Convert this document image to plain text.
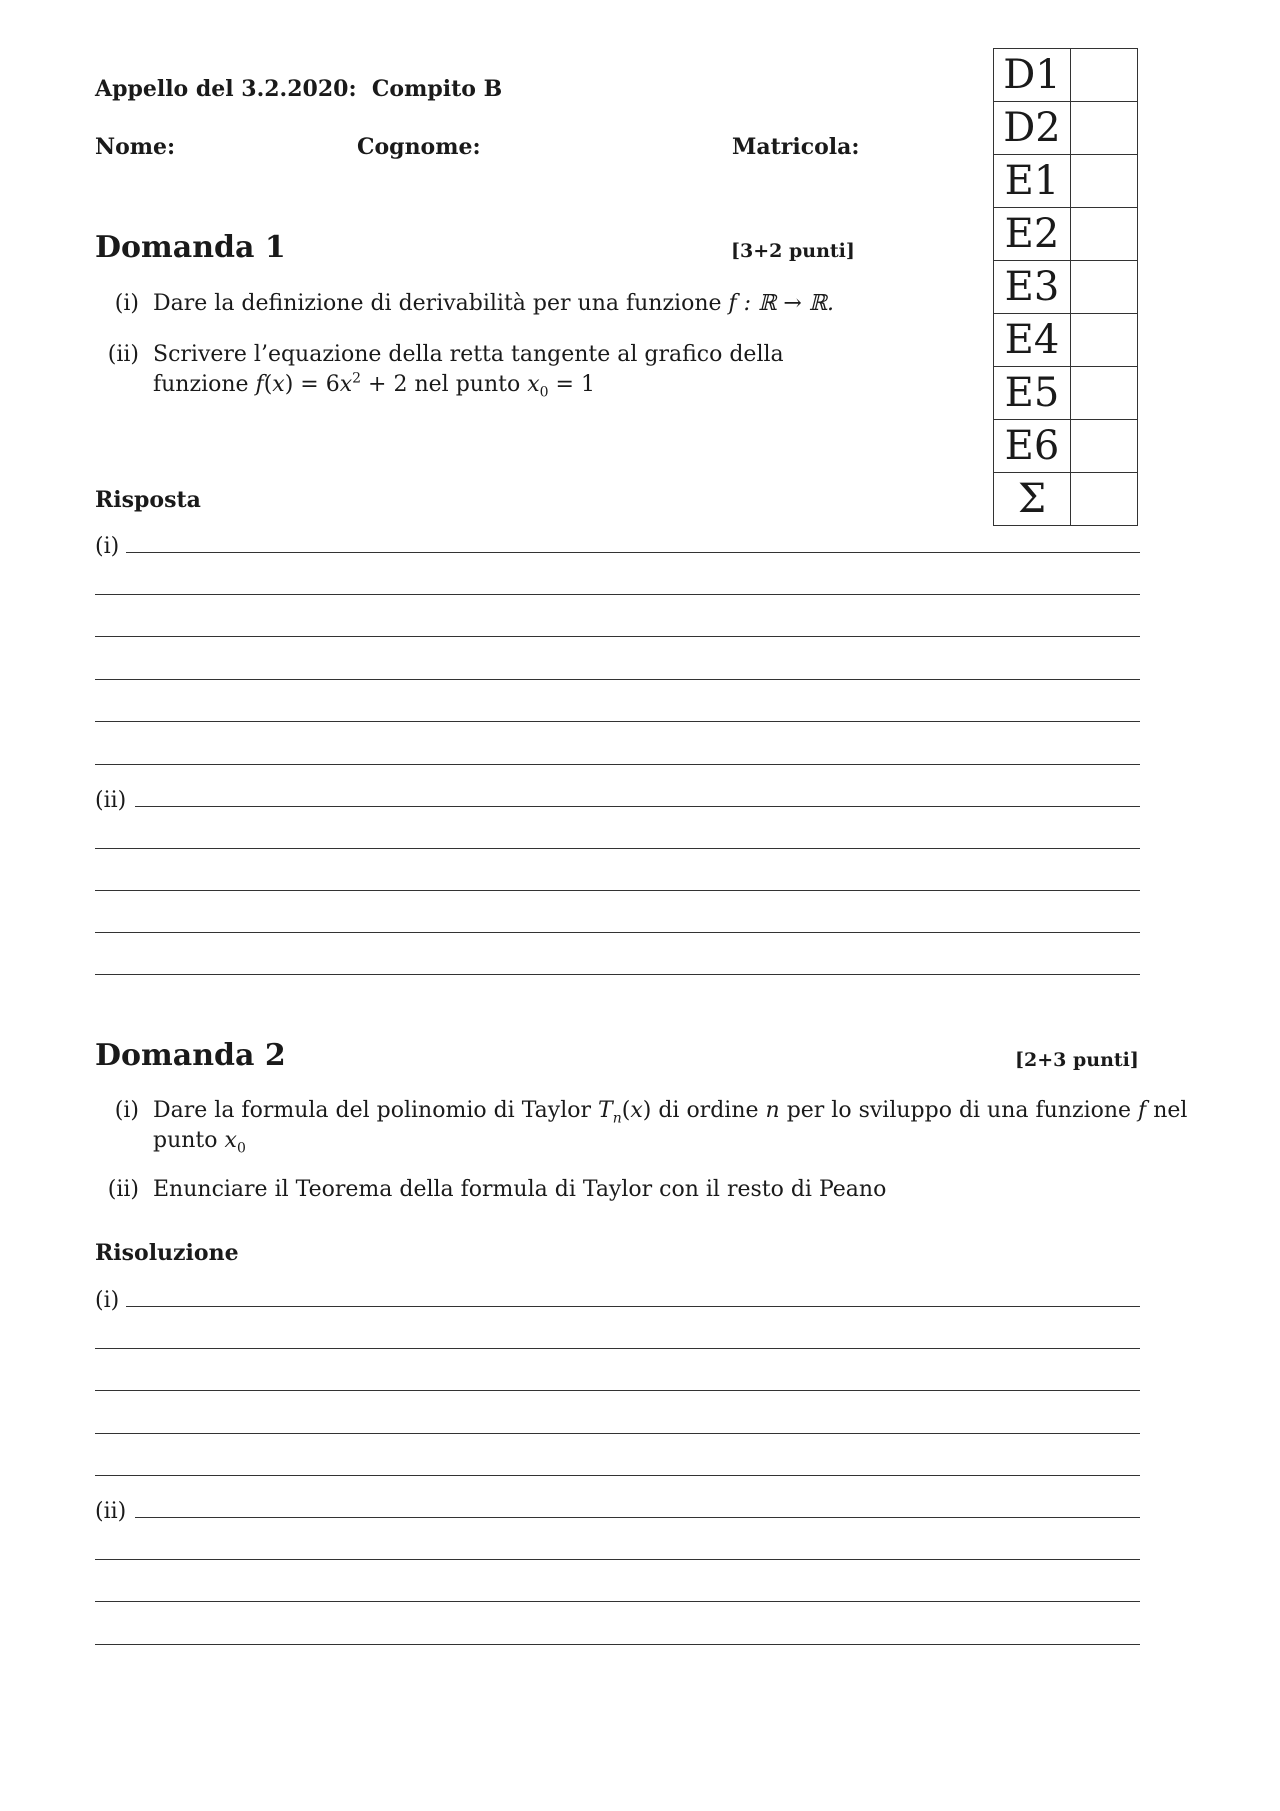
Appello del 3.2.2020: Compito B
Nome:	Cognome:	Matricola:
D1	
D2	
E1	
E2	
E3	
E4	
E5	
E6	
Σ	
Domanda 1	[3+2 punti]
(i) Dare la definizione di derivabilità per una funzione f : ℝ → ℝ.
(ii) Scrivere l’equazione della retta tangente al grafico della
funzione $f(x) = 6x^2 + 2$ nel punto $x_0 = 1$
Risposta
(i)
(ii)
Domanda 2	[2+3 punti]
(i) Dare la formula del polinomio di Taylor $T_n(x)$ di ordine n per lo sviluppo di una funzione f nel
punto $x_0$
(ii) Enunciare il Teorema della formula di Taylor con il resto di Peano
Risoluzione
(i)
(ii)
